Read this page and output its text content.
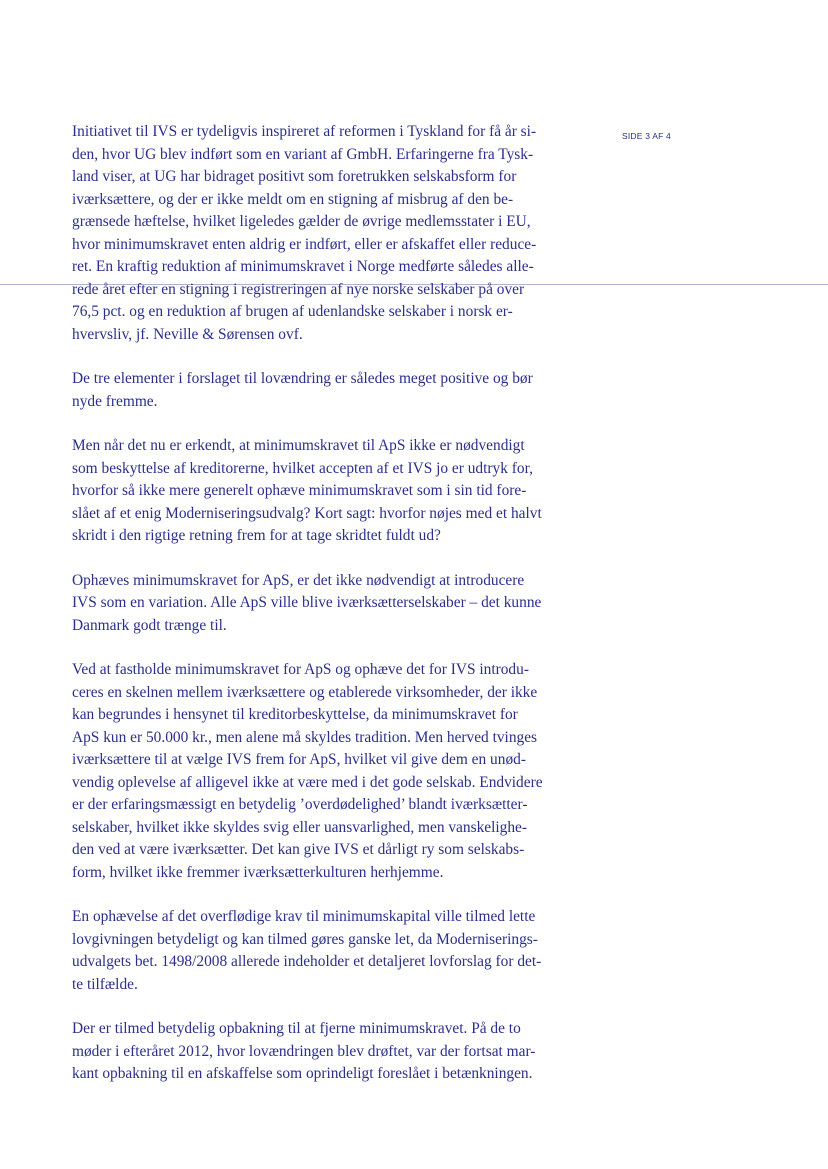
SIDE 3 AF 4

Initiativet til IVS er tydeligvis inspireret af reformen i Tyskland for få år si-
den, hvor UG blev indført som en variant af GmbH. Erfaringerne fra Tysk-
land viser, at UG har bidraget positivt som foretrukken selskabsform for
iværksættere, og der er ikke meldt om en stigning af misbrug af den be-
grænsede hæftelse, hvilket ligeledes gælder de øvrige medlemsstater i EU,
hvor minimumskravet enten aldrig er indført, eller er afskaffet eller reduce-
ret. En kraftig reduktion af minimumskravet i Norge medførte således alle-
rede året efter en stigning i registreringen af nye norske selskaber på over
76,5 pct. og en reduktion af brugen af udenlandske selskaber i norsk er-
hvervsliv, jf. Neville & Sørensen ovf.

De tre elementer i forslaget til lovændring er således meget positive og bør
nyde fremme.

Men når det nu er erkendt, at minimumskravet til ApS ikke er nødvendigt
som beskyttelse af kreditorerne, hvilket accepten af et IVS jo er udtryk for,
hvorfor så ikke mere generelt ophæve minimumskravet som i sin tid fore-
slået af et enig Moderniseringsudvalg? Kort sagt: hvorfor nøjes med et halvt
skridt i den rigtige retning frem for at tage skridtet fuldt ud?

Ophæves minimumskravet for ApS, er det ikke nødvendigt at introducere
IVS som en variation. Alle ApS ville blive iværksætterselskaber – det kunne
Danmark godt trænge til.

Ved at fastholde minimumskravet for ApS og ophæve det for IVS introdu-
ceres en skelnen mellem iværksættere og etablerede virksomheder, der ikke
kan begrundes i hensynet til kreditorbeskyttelse, da minimumskravet for
ApS kun er 50.000 kr., men alene må skyldes tradition. Men herved tvinges
iværksættere til at vælge IVS frem for ApS, hvilket vil give dem en unød-
vendig oplevelse af alligevel ikke at være med i det gode selskab. Endvidere
er der erfaringsmæssigt en betydelig ’overdødelighed’ blandt iværksætter-
selskaber, hvilket ikke skyldes svig eller uansvarlighed, men vanskelighe-
den ved at være iværksætter. Det kan give IVS et dårligt ry som selskabs-
form, hvilket ikke fremmer iværksætterkulturen herhjemme.

En ophævelse af det overflødige krav til minimumskapital ville tilmed lette
lovgivningen betydeligt og kan tilmed gøres ganske let, da Moderniserings-
udvalgets bet. 1498/2008 allerede indeholder et detaljeret lovforslag for det-
te tilfælde.

Der er tilmed betydelig opbakning til at fjerne minimumskravet. På de to
møder i efteråret 2012, hvor lovændringen blev drøftet, var der fortsat mar-
kant opbakning til en afskaffelse som oprindeligt foreslået i betænkningen.
